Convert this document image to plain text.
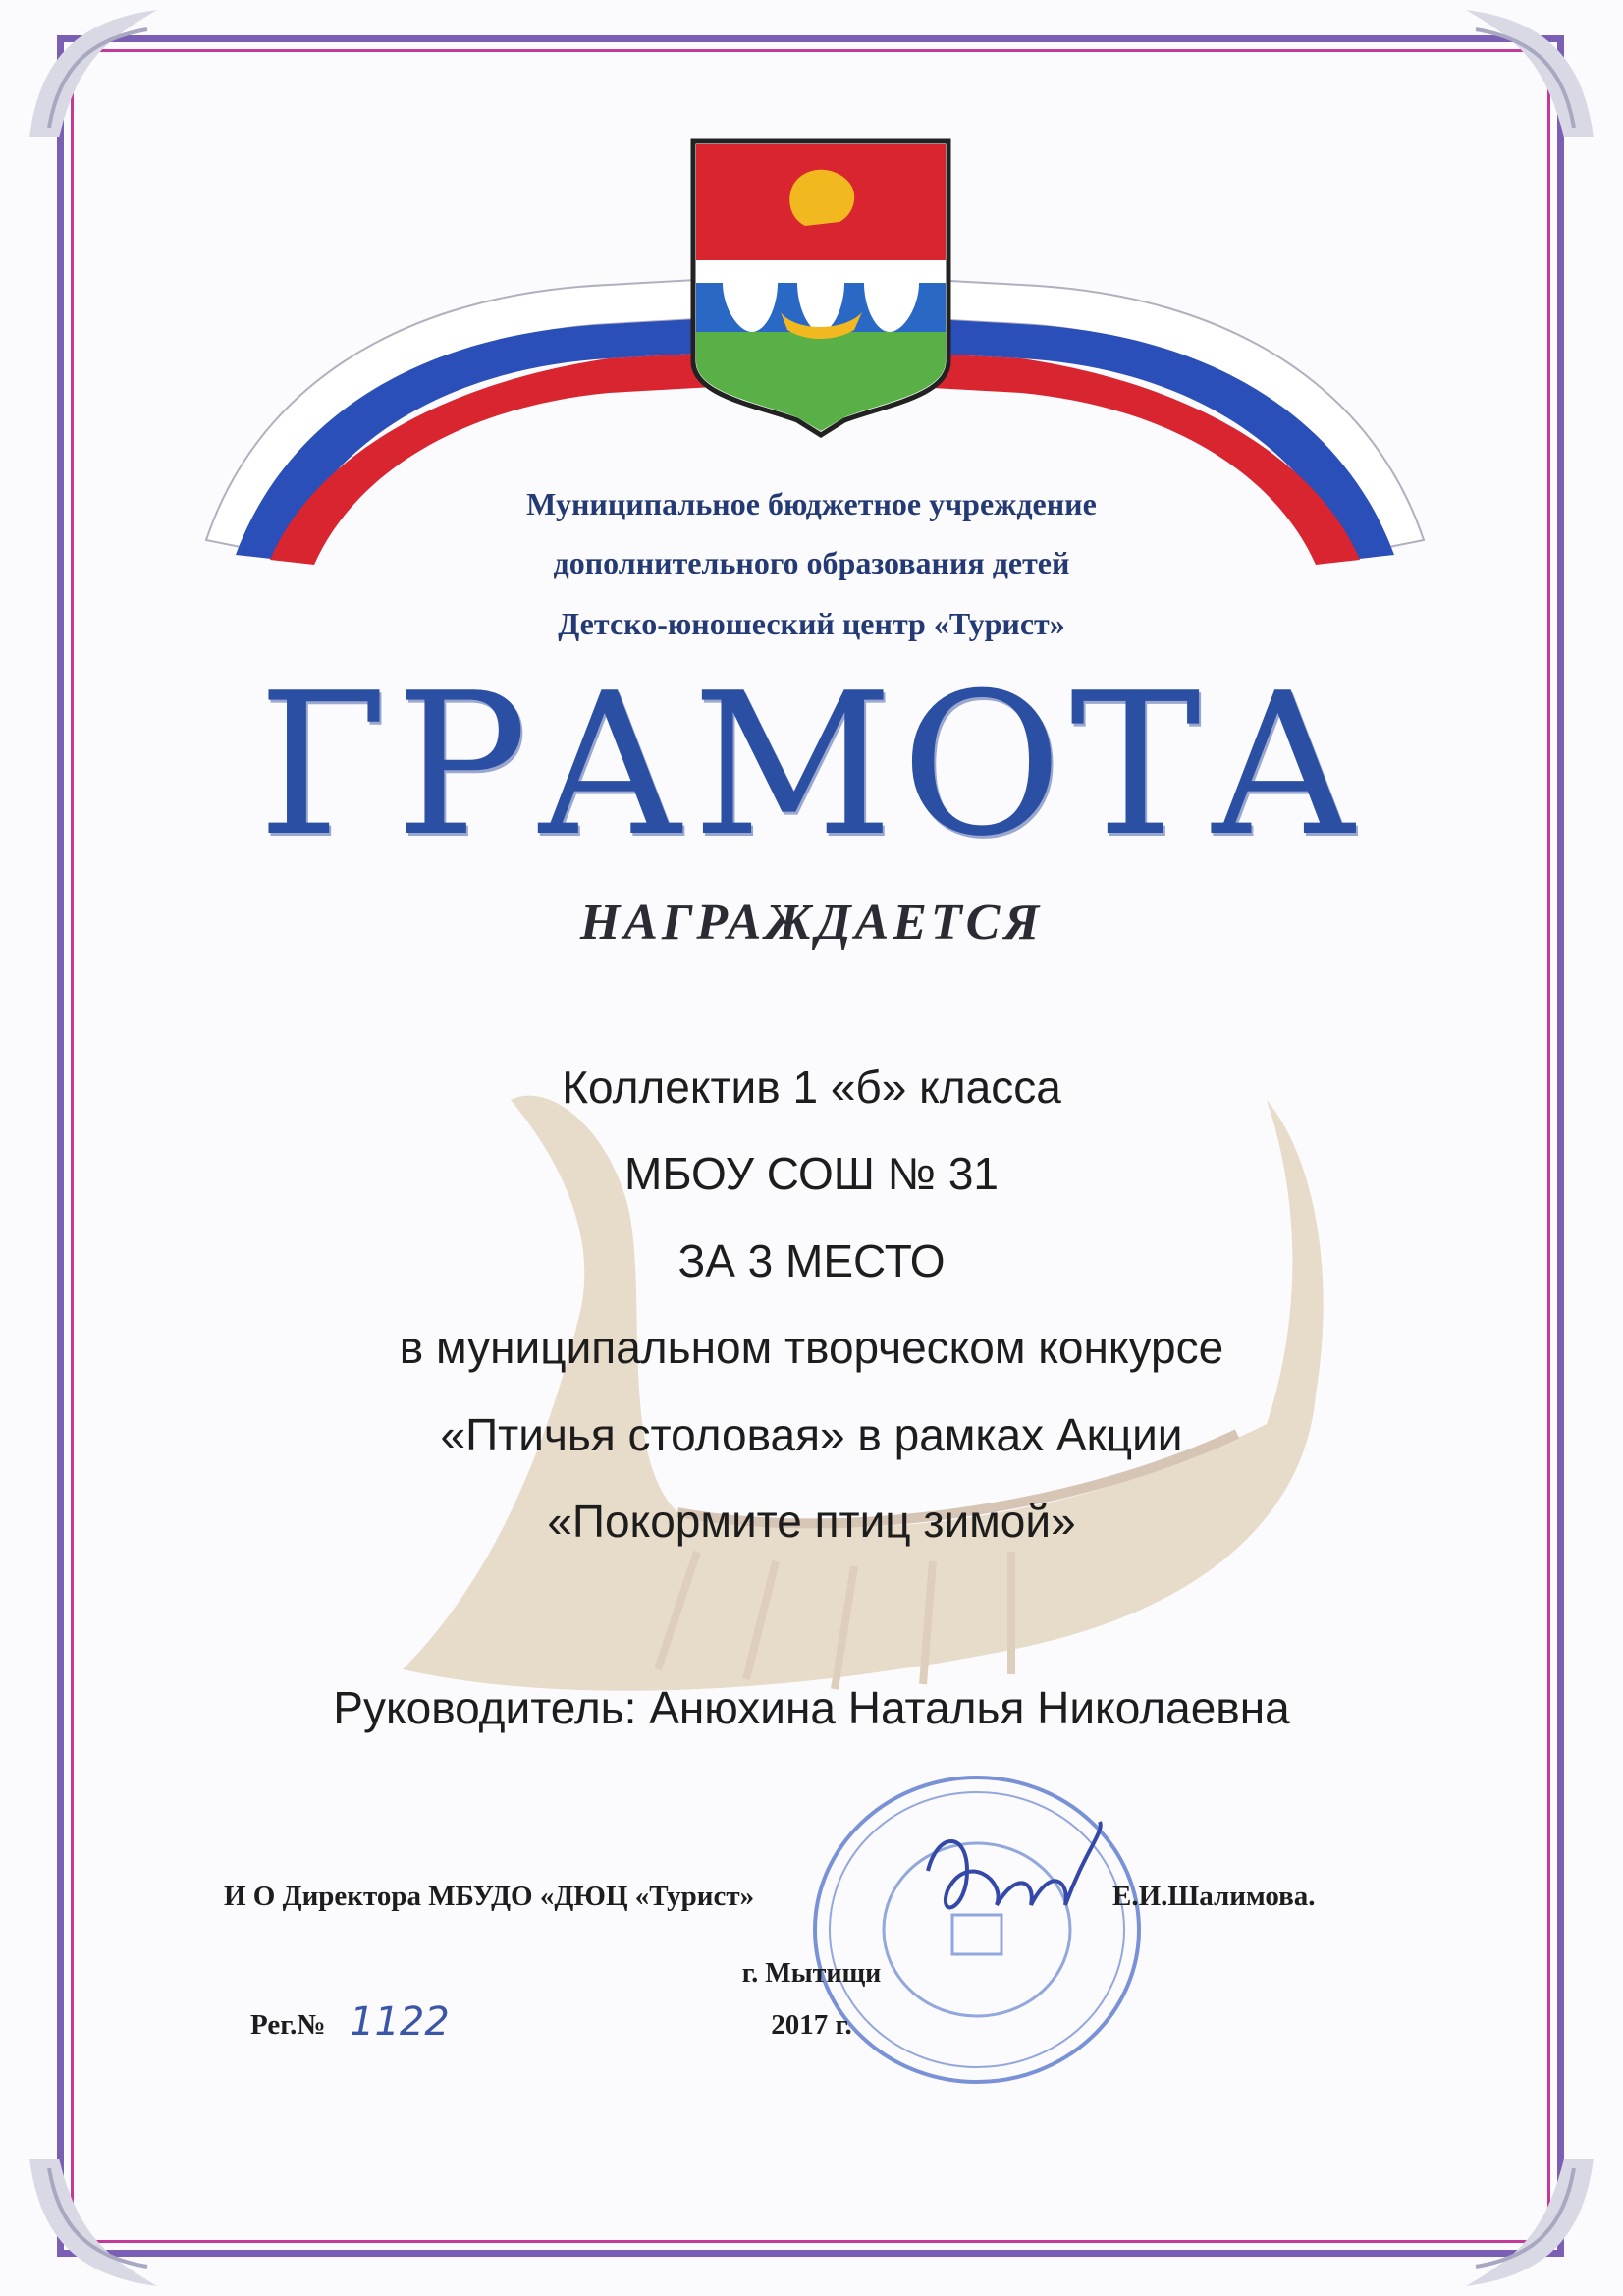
Муниципальное бюджетное учреждение
дополнительного образования детей
Детско-юношеский центр «Турист»
ГРАМОТА
НАГРАЖДАЕТСЯ
Коллектив 1 «б» класса
МБОУ СОШ № 31
ЗА 3 МЕСТО
в муниципальном творческом конкурсе
«Птичья столовая» в рамках Акции
«Покормите птиц зимой»
Руководитель: Анюхина Наталья Николаевна
И О Директора МБУДО «ДЮЦ «Турист»	Е.И.Шалимова.
г. Мытищи
Рег.№ 1122	2017 г.
